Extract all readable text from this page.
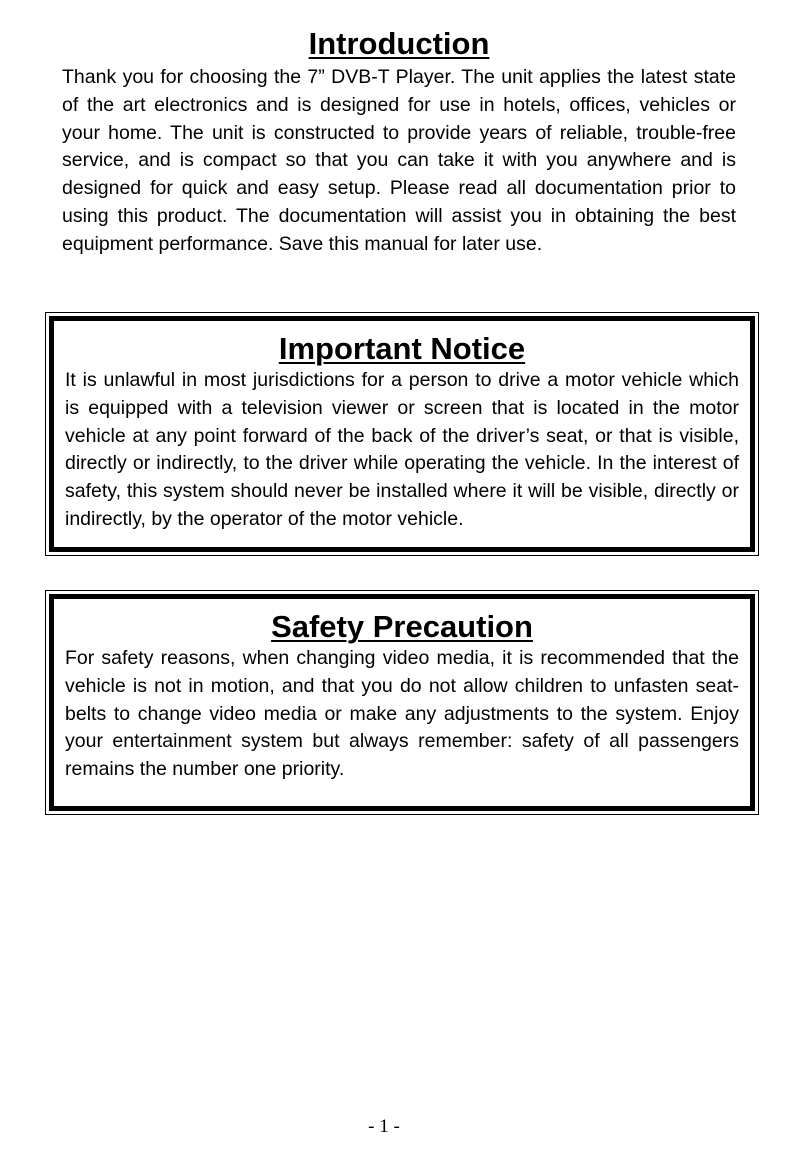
Introduction

Thank you for choosing the 7” DVB-T Player. The unit applies the latest state of the art electronics and is designed for use in hotels, offices, vehicles or your home. The unit is constructed to provide years of reliable, trouble-free service, and is compact so that you can take it with you anywhere and is designed for quick and easy setup. Please read all documentation prior to using this product. The documentation will assist you in obtaining the best equipment performance. Save this manual for later use.

Important Notice

It is unlawful in most jurisdictions for a person to drive a motor vehicle which is equipped with a television viewer or screen that is located in the motor vehicle at any point forward of the back of the driver’s seat, or that is visible, directly or indirectly, to the driver while operating the vehicle. In the interest of safety, this system should never be installed where it will be visible, directly or indirectly, by the operator of the motor vehicle.

Safety Precaution

For safety reasons, when changing video media, it is recommended that the vehicle is not in motion, and that you do not allow children to unfasten seat-belts to change video media or make any adjustments to the system. Enjoy your entertainment system but always remember: safety of all passengers remains the number one priority.

- 1 -
